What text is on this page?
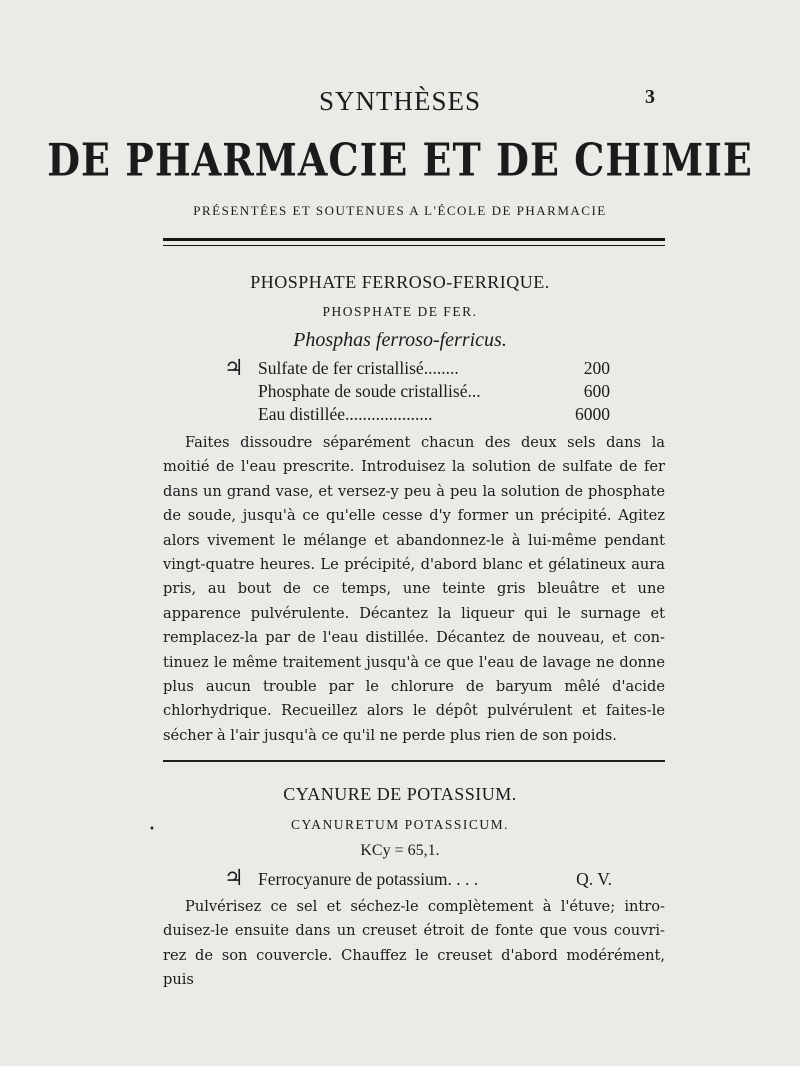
SYNTHÈSES	3
DE PHARMACIE ET DE CHIMIE
PRÉSENTÉES ET SOUTENUES A L'ÉCOLE DE PHARMACIE
PHOSPHATE FERROSO-FERRIQUE.
PHOSPHATE DE FER.
Phosphas ferroso-ferricus.
♃ Sulfate de fer cristallisé........	200
Phosphate de soude cristallisé...	600
Eau distillée....................	6000
Faites dissoudre séparément chacun des deux sels dans la moitié de l'eau prescrite. Introduisez la solution de sulfate de fer dans un grand vase, et versez-y peu à peu la solution de phosphate de soude, jusqu'à ce qu'elle cesse d'y former un précipité. Agitez alors vivement le mélange et abandonnez-le à lui-même pendant vingt-quatre heures. Le précipité, d'abord blanc et gélatineux aura pris, au bout de ce temps, une teinte gris bleuâtre et une apparence pulvérulente. Décantez la liqueur qui le surnage et remplacez-la par de l'eau distillée. Décantez de nouveau, et con-tinuez le même traitement jusqu'à ce que l'eau de lavage ne donne plus aucun trouble par le chlorure de baryum mêlé d'acide chlorhydrique. Recueillez alors le dépôt pulvérulent et faites-le sécher à l'air jusqu'à ce qu'il ne perde plus rien de son poids.
CYANURE DE POTASSIUM.
CYANURETUM POTASSICUM.
•
KCy = 65,1.
♃ Ferrocyanure de potassium. . . .	Q. V.
Pulvérisez ce sel et séchez-le complètement à l'étuve; intro-duisez-le ensuite dans un creuset étroit de fonte que vous couvri-rez de son couvercle. Chauffez le creuset d'abord modérément, puis
